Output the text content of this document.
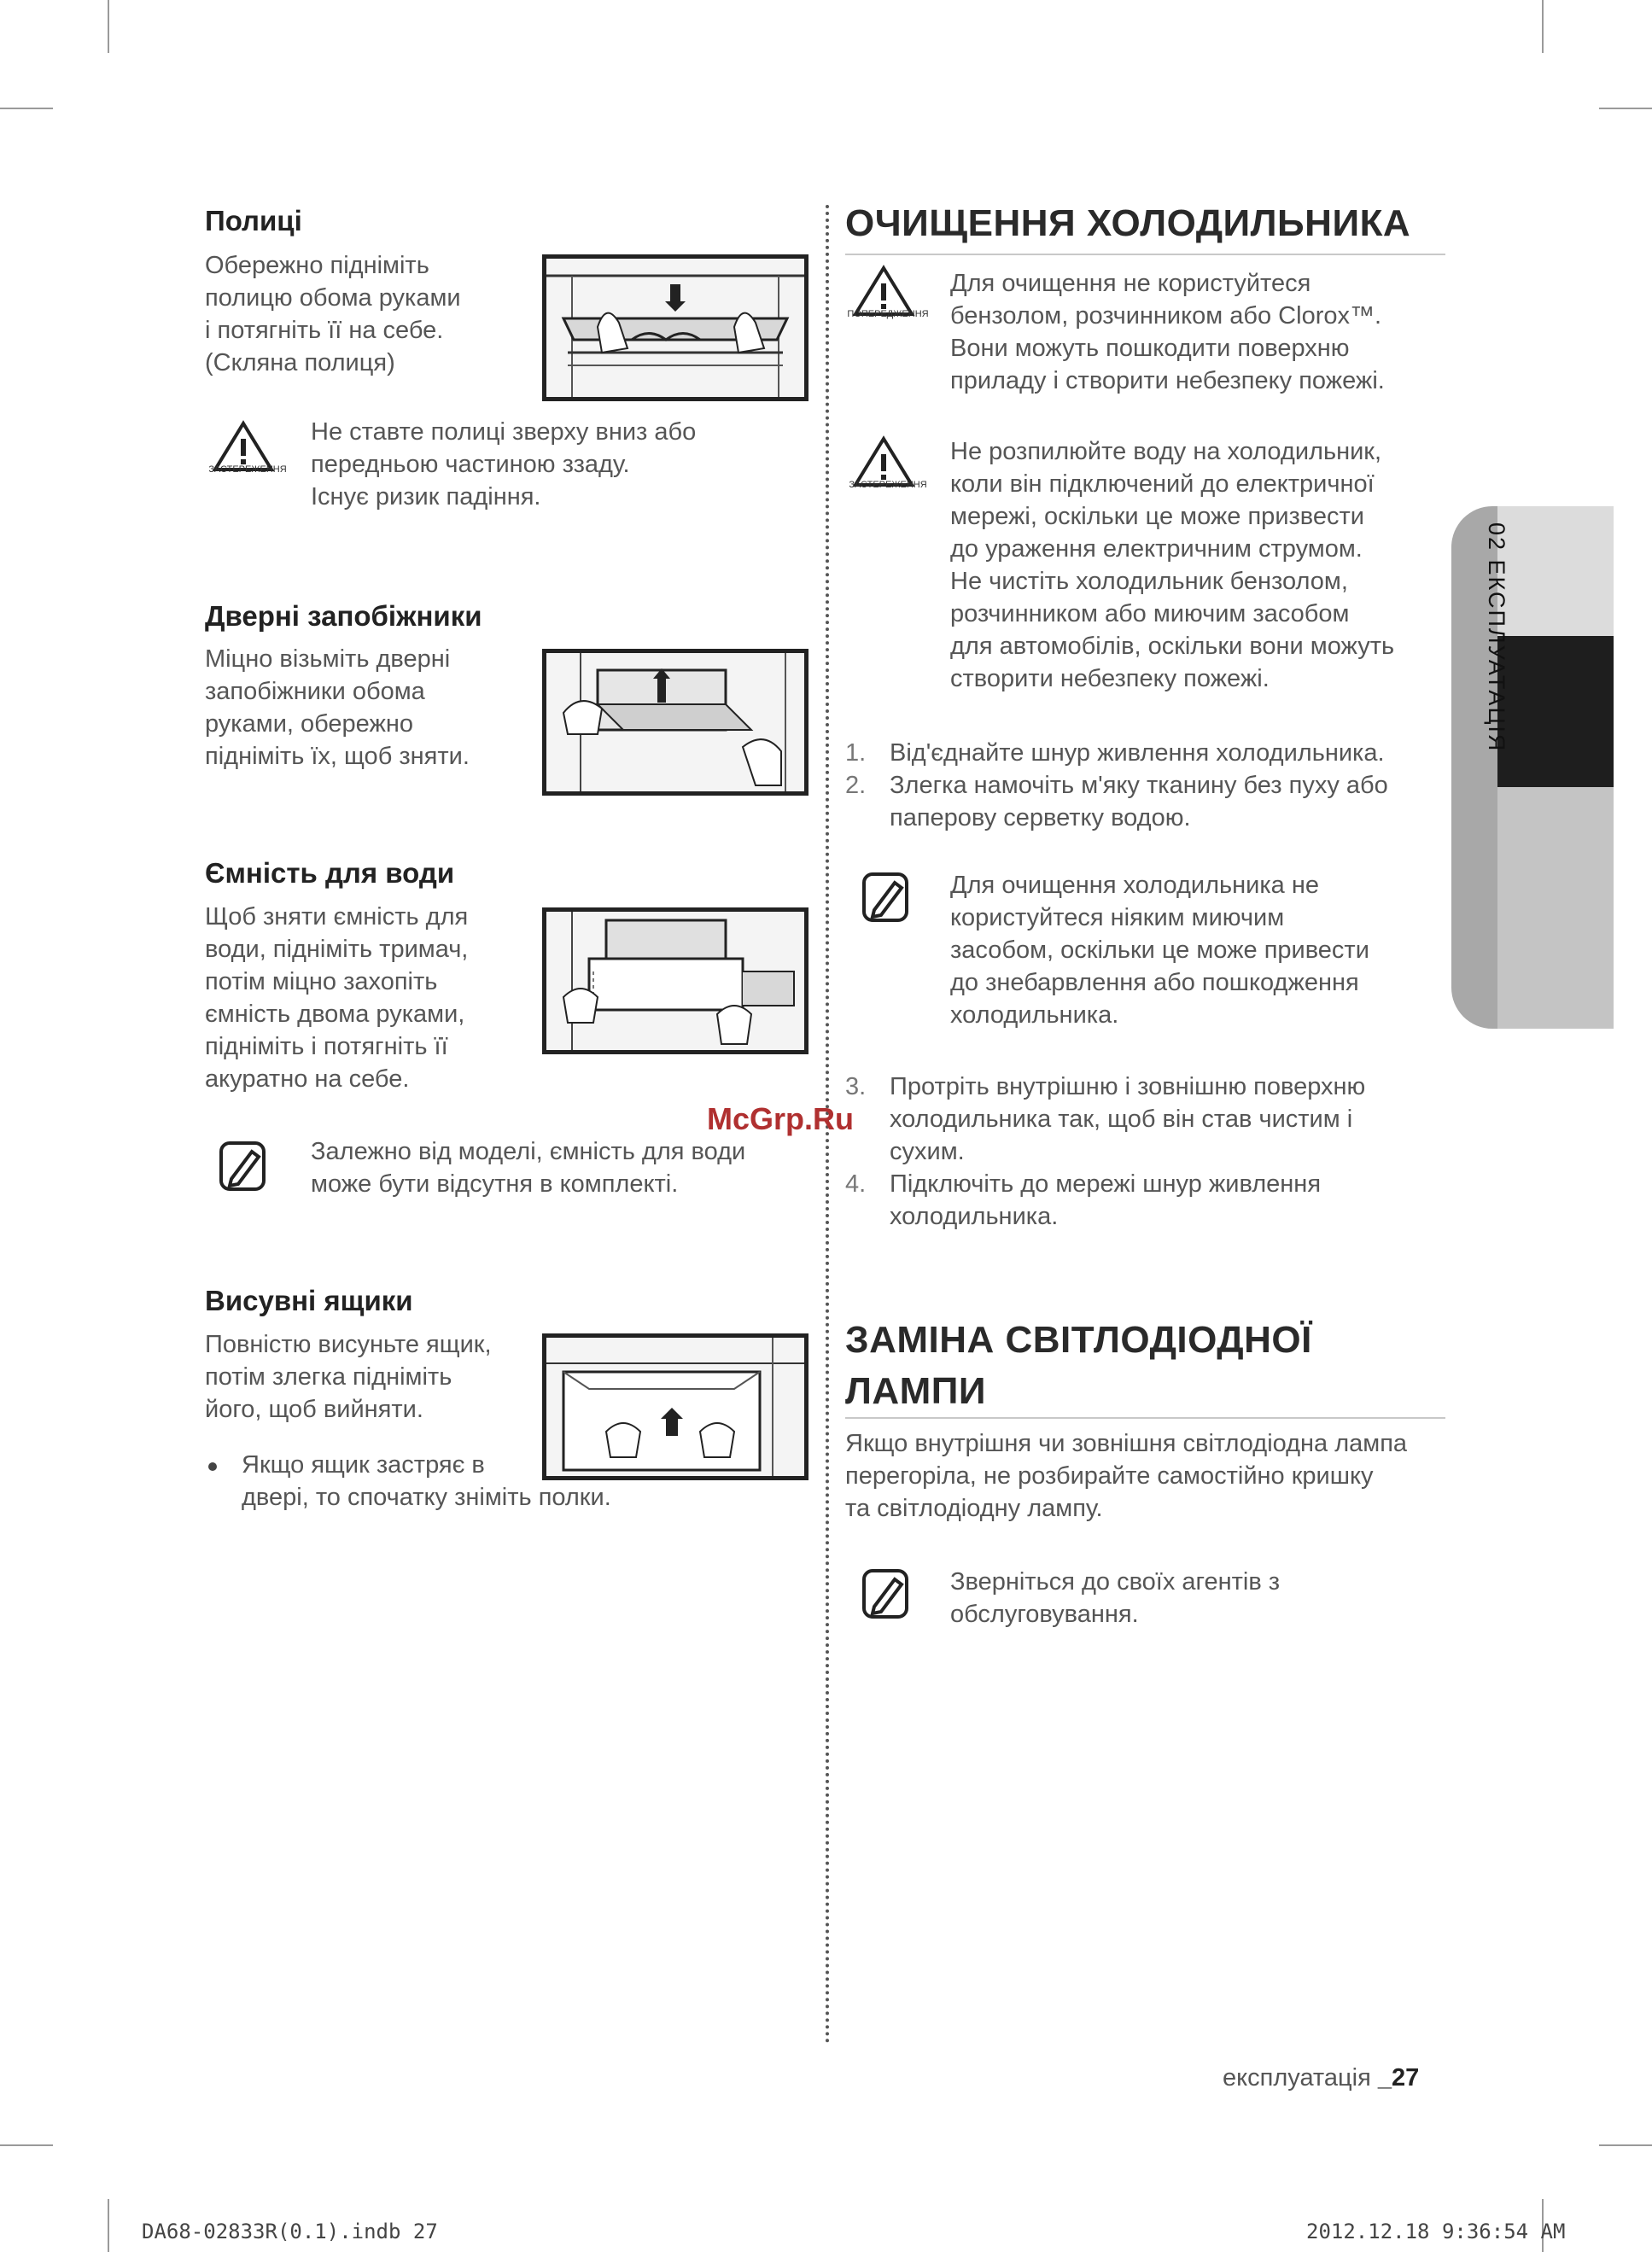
Полиці
Обережно підніміть
полицю обома руками
і потягніть її на себе.
(Скляна полиця)
ЗАСТЕРЕЖЕННЯ
Не ставте полиці зверху вниз або
передньою частиною ззаду.
Існує ризик падіння.
Дверні запобіжники
Міцно візьміть дверні
запобіжники обома
руками, обережно
підніміть їх, щоб зняти.
Ємність для води
Щоб зняти ємність для
води, підніміть тримач,
потім міцно захопіть
ємність двома руками,
підніміть і потягніть її
акуратно на себе.
Залежно від моделі, ємність для води
може бути відсутня в комплекті.
Висувні ящики
Повністю висуньте ящик,
потім злегка підніміть
його, щоб вийняти.
Якщо ящик застряє в
дверi, то спочатку зніміть полки.
ОЧИЩЕННЯ ХОЛОДИЛЬНИКА
ПОПЕРЕДЖЕННЯ
Для очищення не користуйтеся
бензолом, розчинником або Clorox™.
Вони можуть пошкодити поверхню
приладу і створити небезпеку пожежі.
ЗАСТЕРЕЖЕННЯ
Не розпилюйте воду на холодильник,
коли він підключений до електричної
мережі, оскільки це може призвести
до ураження електричним струмом.
Не чистіть холодильник бензолом,
розчинником або миючим засобом
для автомобілів, оскільки вони можуть
створити небезпеку пожежі.
1. Від'єднайте шнур живлення холодильника.
2. Злегка намочіть м'яку тканину без пуху або
паперову серветку водою.
Для очищення холодильника не
користуйтеся ніяким миючим
засобом, оскільки це може привести
до знебарвлення або пошкодження
холодильника.
3. Протріть внутрішню і зовнішню поверхню
холодильника так, щоб він став чистим і
сухим.
4. Підключіть до мережі шнур живлення
холодильника.
ЗАМІНА СВІТЛОДІОДНОЇ
ЛАМПИ
Якщо внутрішня чи зовнішня світлодіодна лампа
перегоріла, не розбирайте самостійно кришку
та світлодіодну лампу.
Зверніться до своїх агентів з
обслуговування.
02 ЕКСПЛУАТАЦІЯ
McGrp.Ru
експлуатація _27
DA68-02833R(0.1).indb 27	2012.12.18 9:36:54 AM
